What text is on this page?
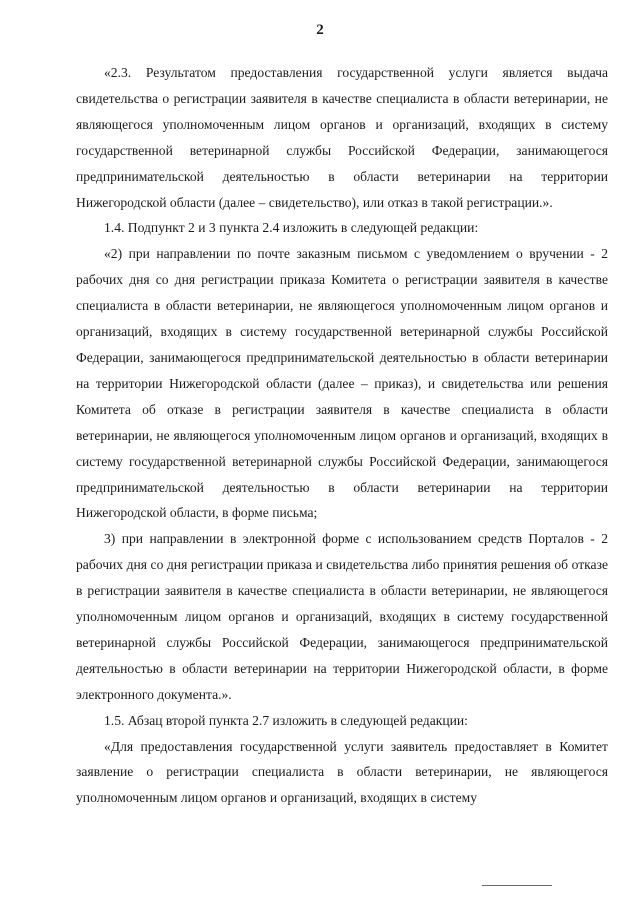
2

«2.3. Результатом предоставления государственной услуги является выдача свидетельства о регистрации заявителя в качестве специалиста в области ветеринарии, не являющегося уполномоченным лицом органов и организаций, входящих в систему государственной ветеринарной службы Российской Федерации, занимающегося предпринимательской деятельностью в области ветеринарии на территории Нижегородской области (далее – свидетельство), или отказ в такой регистрации.».

1.4. Подпункт 2 и 3 пункта 2.4 изложить в следующей редакции:

«2) при направлении по почте заказным письмом с уведомлением о вручении - 2 рабочих дня со дня регистрации приказа Комитета о регистрации заявителя в качестве специалиста в области ветеринарии, не являющегося уполномоченным лицом органов и организаций, входящих в систему государственной ветеринарной службы Российской Федерации, занимающегося предпринимательской деятельностью в области ветеринарии на территории Нижегородской области (далее – приказ), и свидетельства или решения Комитета об отказе в регистрации заявителя в качестве специалиста в области ветеринарии, не являющегося уполномоченным лицом органов и организаций, входящих в систему государственной ветеринарной службы Российской Федерации, занимающегося предпринимательской деятельностью в области ветеринарии на территории Нижегородской области, в форме письма;

3) при направлении в электронной форме с использованием средств Порталов - 2 рабочих дня со дня регистрации приказа и свидетельства либо принятия решения об отказе в регистрации заявителя в качестве специалиста в области ветеринарии, не являющегося уполномоченным лицом органов и организаций, входящих в систему государственной ветеринарной службы Российской Федерации, занимающегося предпринимательской деятельностью в области ветеринарии на территории Нижегородской области, в форме электронного документа.».

1.5. Абзац второй пункта 2.7 изложить в следующей редакции:

«Для предоставления государственной услуги заявитель предоставляет в Комитет заявление о регистрации специалиста в области ветеринарии, не являющегося уполномоченным лицом органов и организаций, входящих в систему
